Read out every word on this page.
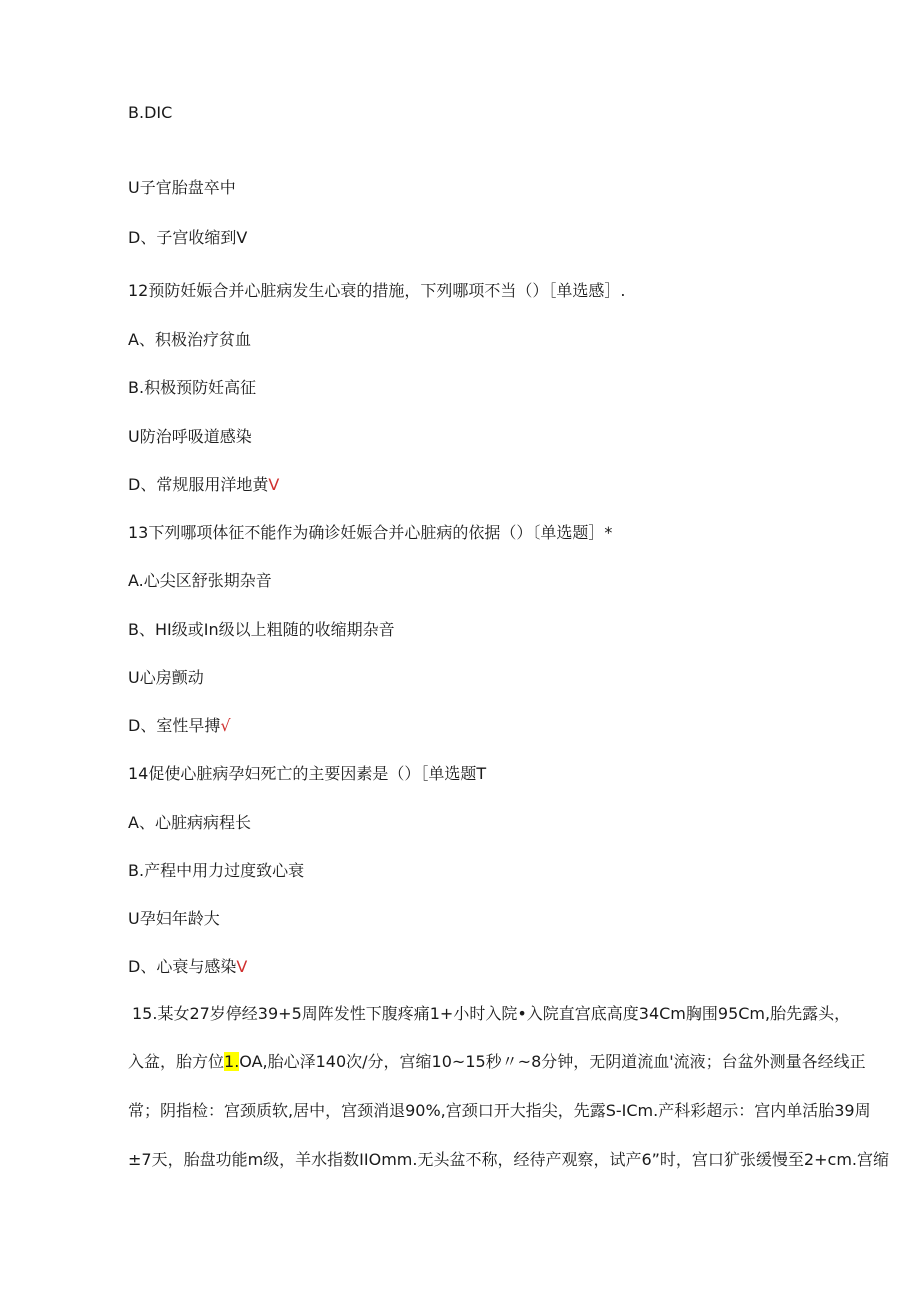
B.DIC
U子官胎盘卒中
D、子宫收缩到V
12预防妊娠合并心脏病发生心衰的措施，下列哪项不当（）［单选感］.
A、积极治疗贫血
B.积极预防妊高征
U防治呼吸道感染
D、常规服用洋地黄V
13下列哪项体征不能作为确诊妊娠合并心脏病的依据（）〔单选题］*
A.心尖区舒张期杂音
B、HI级或In级以上粗随的收缩期杂音
U心房颤动
D、室性早搏√
14促使心脏病孕妇死亡的主要因素是（）［单选题T
A、心脏病病程长
B.产程中用力过度致心衰
U孕妇年龄大
D、心衰与感染V
15.某女27岁停经39+5周阵发性下腹疼痛1+小时入院•入院直宫底高度34Cm胸围95Cm,胎先露头，
入盆，胎方位1.OA,胎心泽140次/分，宫缩10~15秒〃~8分钟，无阴道流血'流液；台盆外测量各经线正
常；阴指检：宫颈质软,居中，宫颈消退90%,宫颈口开大指尖，先露S-ICm.产科彩超示：宫内单活胎39周
±7天，胎盘功能m级，羊水指数IIOmm.无头盆不称，经待产观察，试产6”时，宫口犷张缓慢至2+cm.宫缩
